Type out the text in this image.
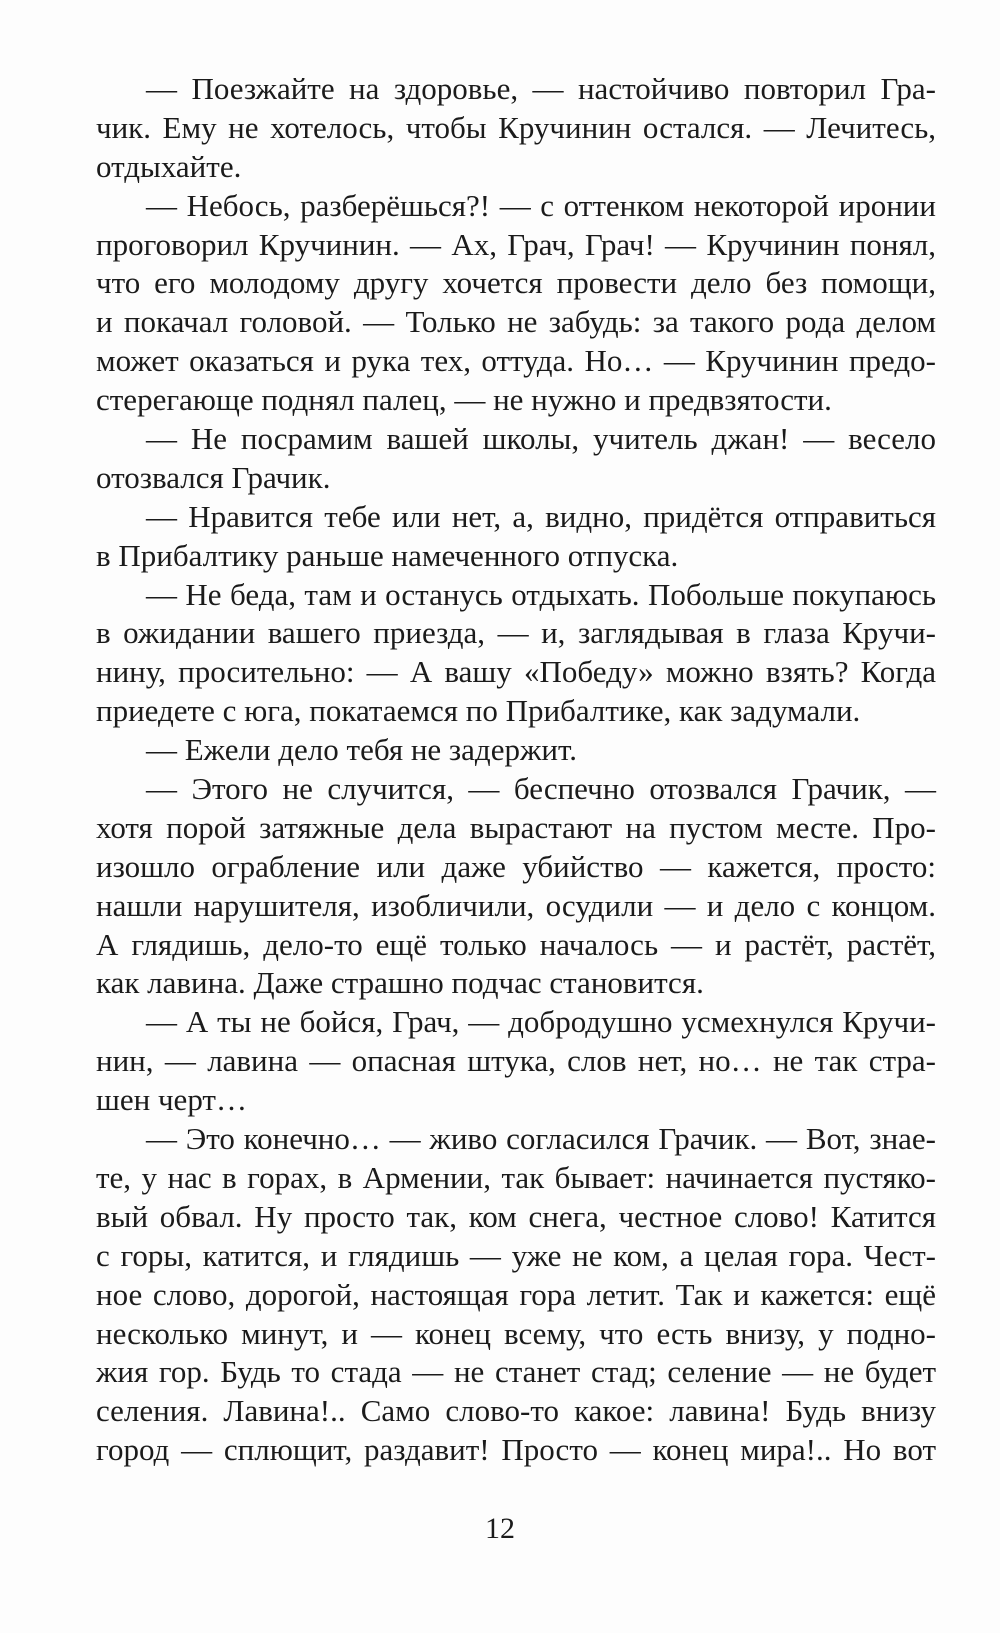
— Поезжайте на здоровье, — настойчиво повторил Гра-
чик. Ему не хотелось, чтобы Кручинин остался. — Лечитесь,
отдыхайте.
— Небось, разберёшься?! — с оттенком некоторой иронии
проговорил Кручинин. — Ах, Грач, Грач! — Кручинин понял,
что его молодому другу хочется провести дело без помощи,
и покачал головой. — Только не забудь: за такого рода делом
может оказаться и рука тех, оттуда. Но… — Кручинин предо-
стерегающе поднял палец, — не нужно и предвзятости.
— Не посрамим вашей школы, учитель джан! — весело
отозвался Грачик.
— Нравится тебе или нет, а, видно, придётся отправиться
в Прибалтику раньше намеченного отпуска.
— Не беда, там и останусь отдыхать. Побольше покупаюсь
в ожидании вашего приезда, — и, заглядывая в глаза Кручи-
нину, просительно: — А вашу «Победу» можно взять? Когда
приедете с юга, покатаемся по Прибалтике, как задумали.
— Ежели дело тебя не задержит.
— Этого не случится, — беспечно отозвался Грачик, —
хотя порой затяжные дела вырастают на пустом месте. Про-
изошло ограбление или даже убийство — кажется, просто:
нашли нарушителя, изобличили, осудили — и дело с концом.
А глядишь, дело-то ещё только началось — и растёт, растёт,
как лавина. Даже страшно подчас становится.
— А ты не бойся, Грач, — добродушно усмехнулся Кручи-
нин, — лавина — опасная штука, слов нет, но… не так стра-
шен черт…
— Это конечно… — живо согласился Грачик. — Вот, знае-
те, у нас в горах, в Армении, так бывает: начинается пустяко-
вый обвал. Ну просто так, ком снега, честное слово! Катится
с горы, катится, и глядишь — уже не ком, а целая гора. Чест-
ное слово, дорогой, настоящая гора летит. Так и кажется: ещё
несколько минут, и — конец всему, что есть внизу, у подно-
жия гор. Будь то стада — не станет стад; селение — не будет
селения. Лавина!.. Само слово-то какое: лавина! Будь внизу
город — сплющит, раздавит! Просто — конец мира!.. Но вот
12
